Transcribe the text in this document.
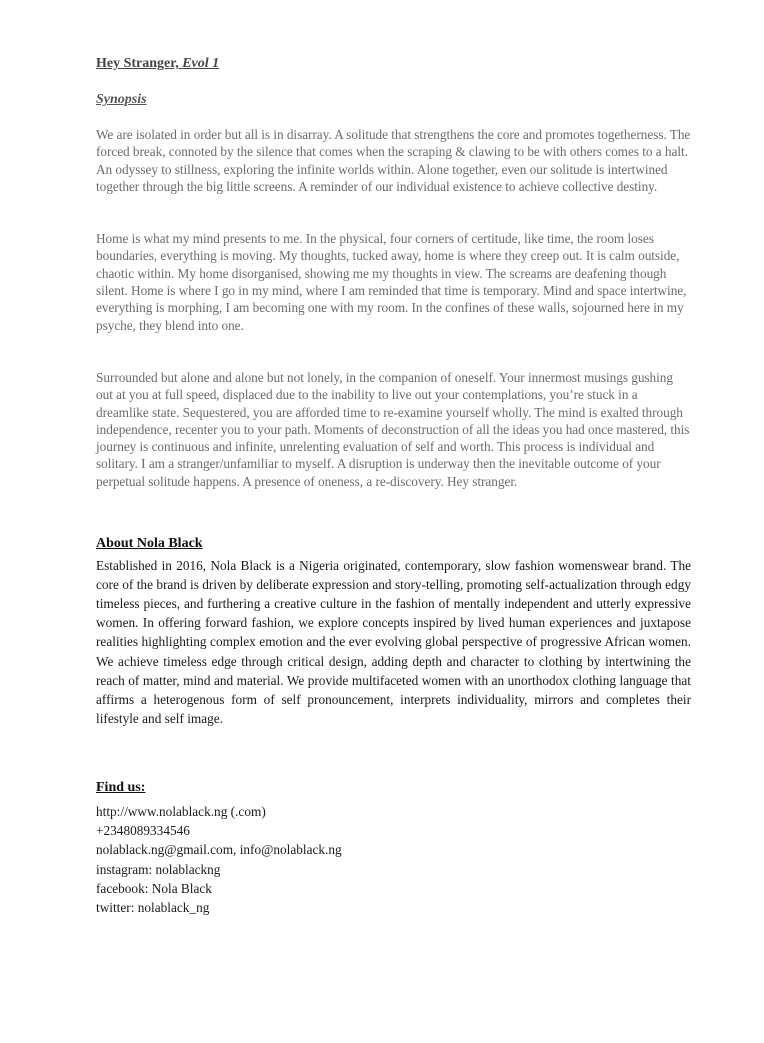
Hey Stranger, Evol 1
Synopsis

We are isolated in order but all is in disarray. A solitude that strengthens the core and promotes togetherness. The forced break, connoted by the silence that comes when the scraping & clawing to be with others comes to a halt. An odyssey to stillness, exploring the infinite worlds within. Alone together, even our solitude is intertwined together through the big little screens. A reminder of our individual existence to achieve collective destiny.

Home is what my mind presents to me. In the physical, four corners of certitude, like time, the room loses boundaries, everything is moving. My thoughts, tucked away, home is where they creep out. It is calm outside, chaotic within. My home disorganised, showing me my thoughts in view. The screams are deafening though silent. Home is where I go in my mind, where I am reminded that time is temporary. Mind and space intertwine, everything is morphing, I am becoming one with my room. In the confines of these walls, sojourned here in my psyche, they blend into one.

Surrounded but alone and alone but not lonely, in the companion of oneself. Your innermost musings gushing out at you at full speed, displaced due to the inability to live out your contemplations, you’re stuck in a dreamlike state. Sequestered, you are afforded time to re-examine yourself wholly. The mind is exalted through independence, recenter you to your path. Moments of deconstruction of all the ideas you had once mastered, this journey is continuous and infinite, unrelenting evaluation of self and worth. This process is individual and solitary. I am a stranger/unfamiliar to myself. A disruption is underway then the inevitable outcome of your perpetual solitude happens. A presence of oneness, a re-discovery. Hey stranger.

About Nola Black

Established in 2016, Nola Black is a Nigeria originated, contemporary, slow fashion womenswear brand. The core of the brand is driven by deliberate expression and story-telling, promoting self-actualization through edgy timeless pieces, and furthering a creative culture in the fashion of mentally independent and utterly expressive women. In offering forward fashion, we explore concepts inspired by lived human experiences and juxtapose realities highlighting complex emotion and the ever evolving global perspective of progressive African women. We achieve timeless edge through critical design, adding depth and character to clothing by intertwining the reach of matter, mind and material. We provide multifaceted women with an unorthodox clothing language that affirms a heterogenous form of self pronouncement, interprets individuality, mirrors and completes their lifestyle and self image.

Find us:
http://www.nolablack.ng (.com)
+2348089334546
nolablack.ng@gmail.com, info@nolablack.ng
instagram: nolablackng
facebook: Nola Black
twitter: nolablack_ng
